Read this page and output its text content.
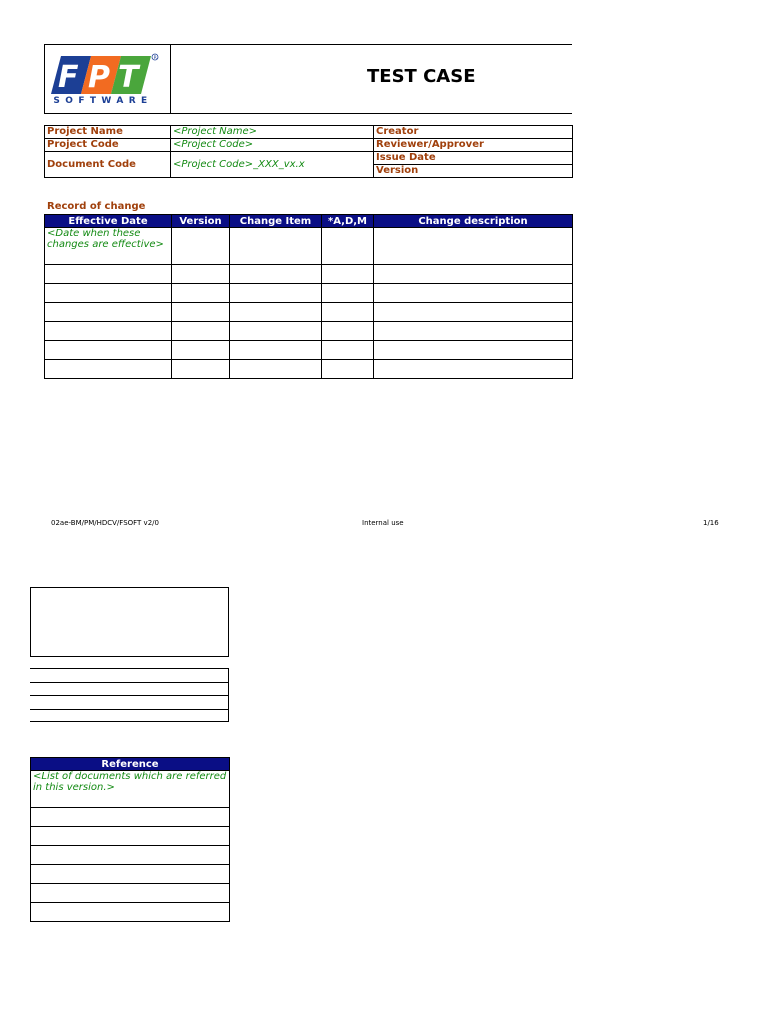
F P T
R
SOFTWARE
TEST CASE
Project Name	<Project Name>	Creator
Project Code	<Project Code>	Reviewer/Approver
Document Code	<Project Code>_XXX_vx.x	Issue Date
		Version
Record of change
Effective Date	Version	Change Item	*A,D,M	Change description
<Date when these changes are effective>				

02ae-BM/PM/HDCV/FSOFT v2/0	Internal use	1/16
Reference
<List of documents which are referred in this version.>
